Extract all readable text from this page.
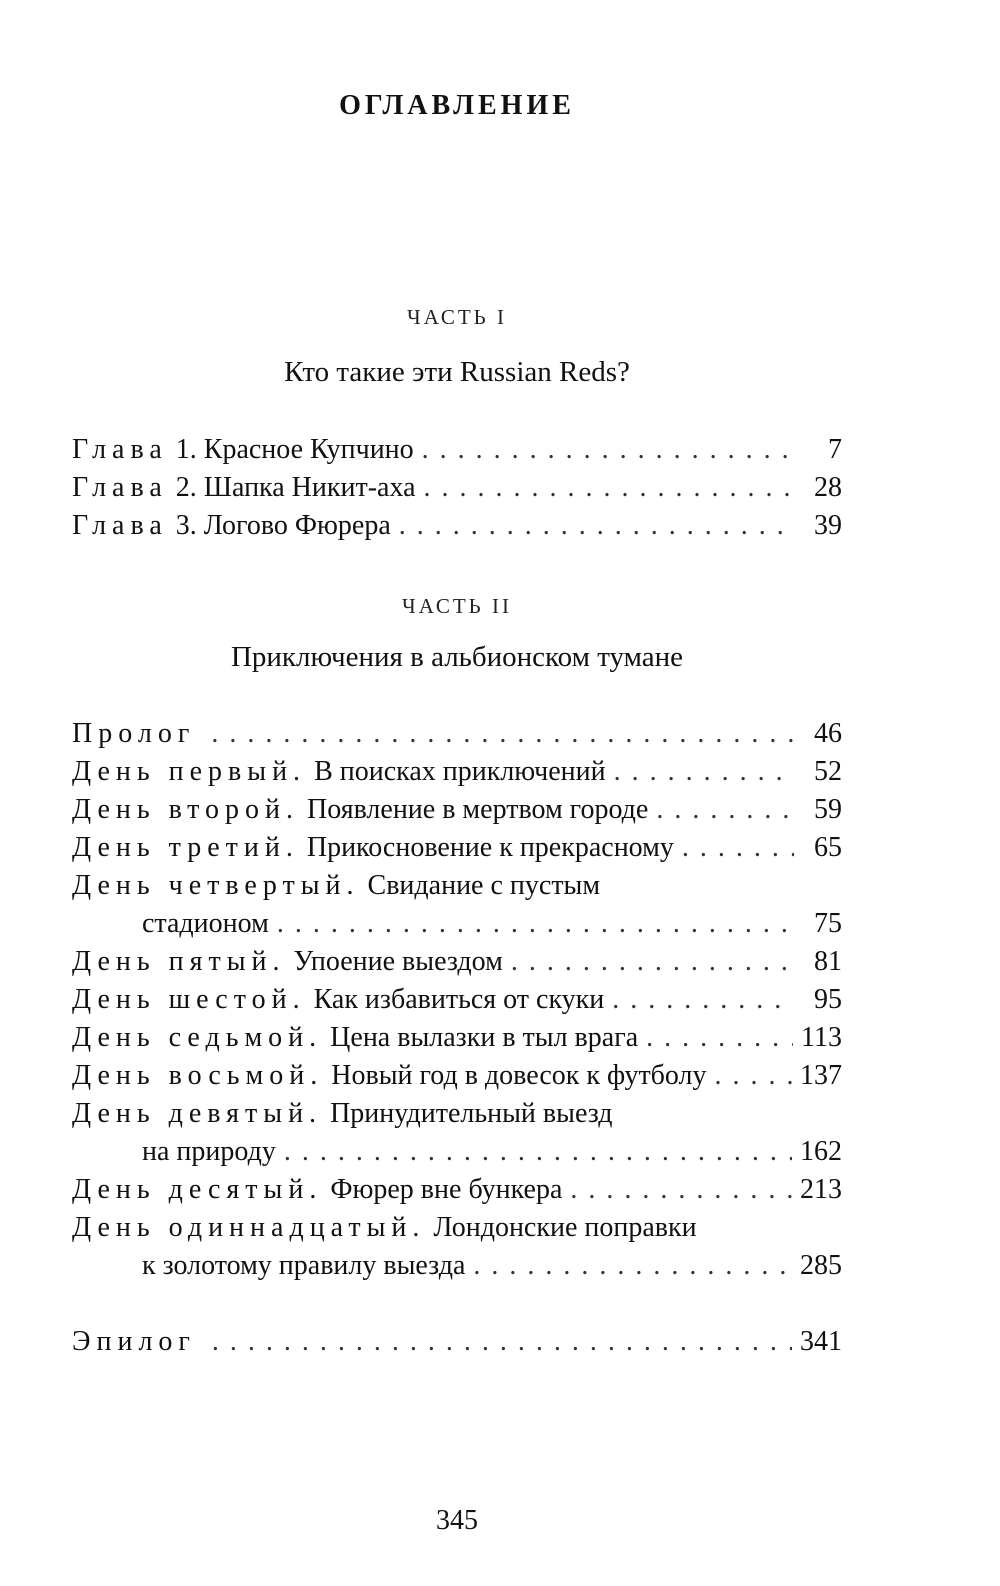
ОГЛАВЛЕНИЕ
ЧАСТЬ I
Кто такие эти Russian Reds?
Глава 1. Красное Купчино . . .	7
Глава 2. Шапка Никит-аха . . .	28
Глава 3. Логово Фюрера . . .	39
ЧАСТЬ II
Приключения в альбионском тумане
Пролог . . .	46
День первый. В поисках приключений . . .	52
День второй. Появление в мертвом городе . . .	59
День третий. Прикосновение к прекрасному . . .	65
День четвертый. Свидание с пустым
стадионом . . .	75
День пятый. Упоение выездом . . .	81
День шестой. Как избавиться от скуки . . .	95
День седьмой. Цена вылазки в тыл врага . . .	113
День восьмой. Новый год в довесок к футболу . . .	137
День девятый. Принудительный выезд
на природу . . .	162
День десятый. Фюрер вне бункера . . .	213
День одиннадцатый. Лондонские поправки
к золотому правилу выезда . . .	285
Эпилог . . .	341
345
